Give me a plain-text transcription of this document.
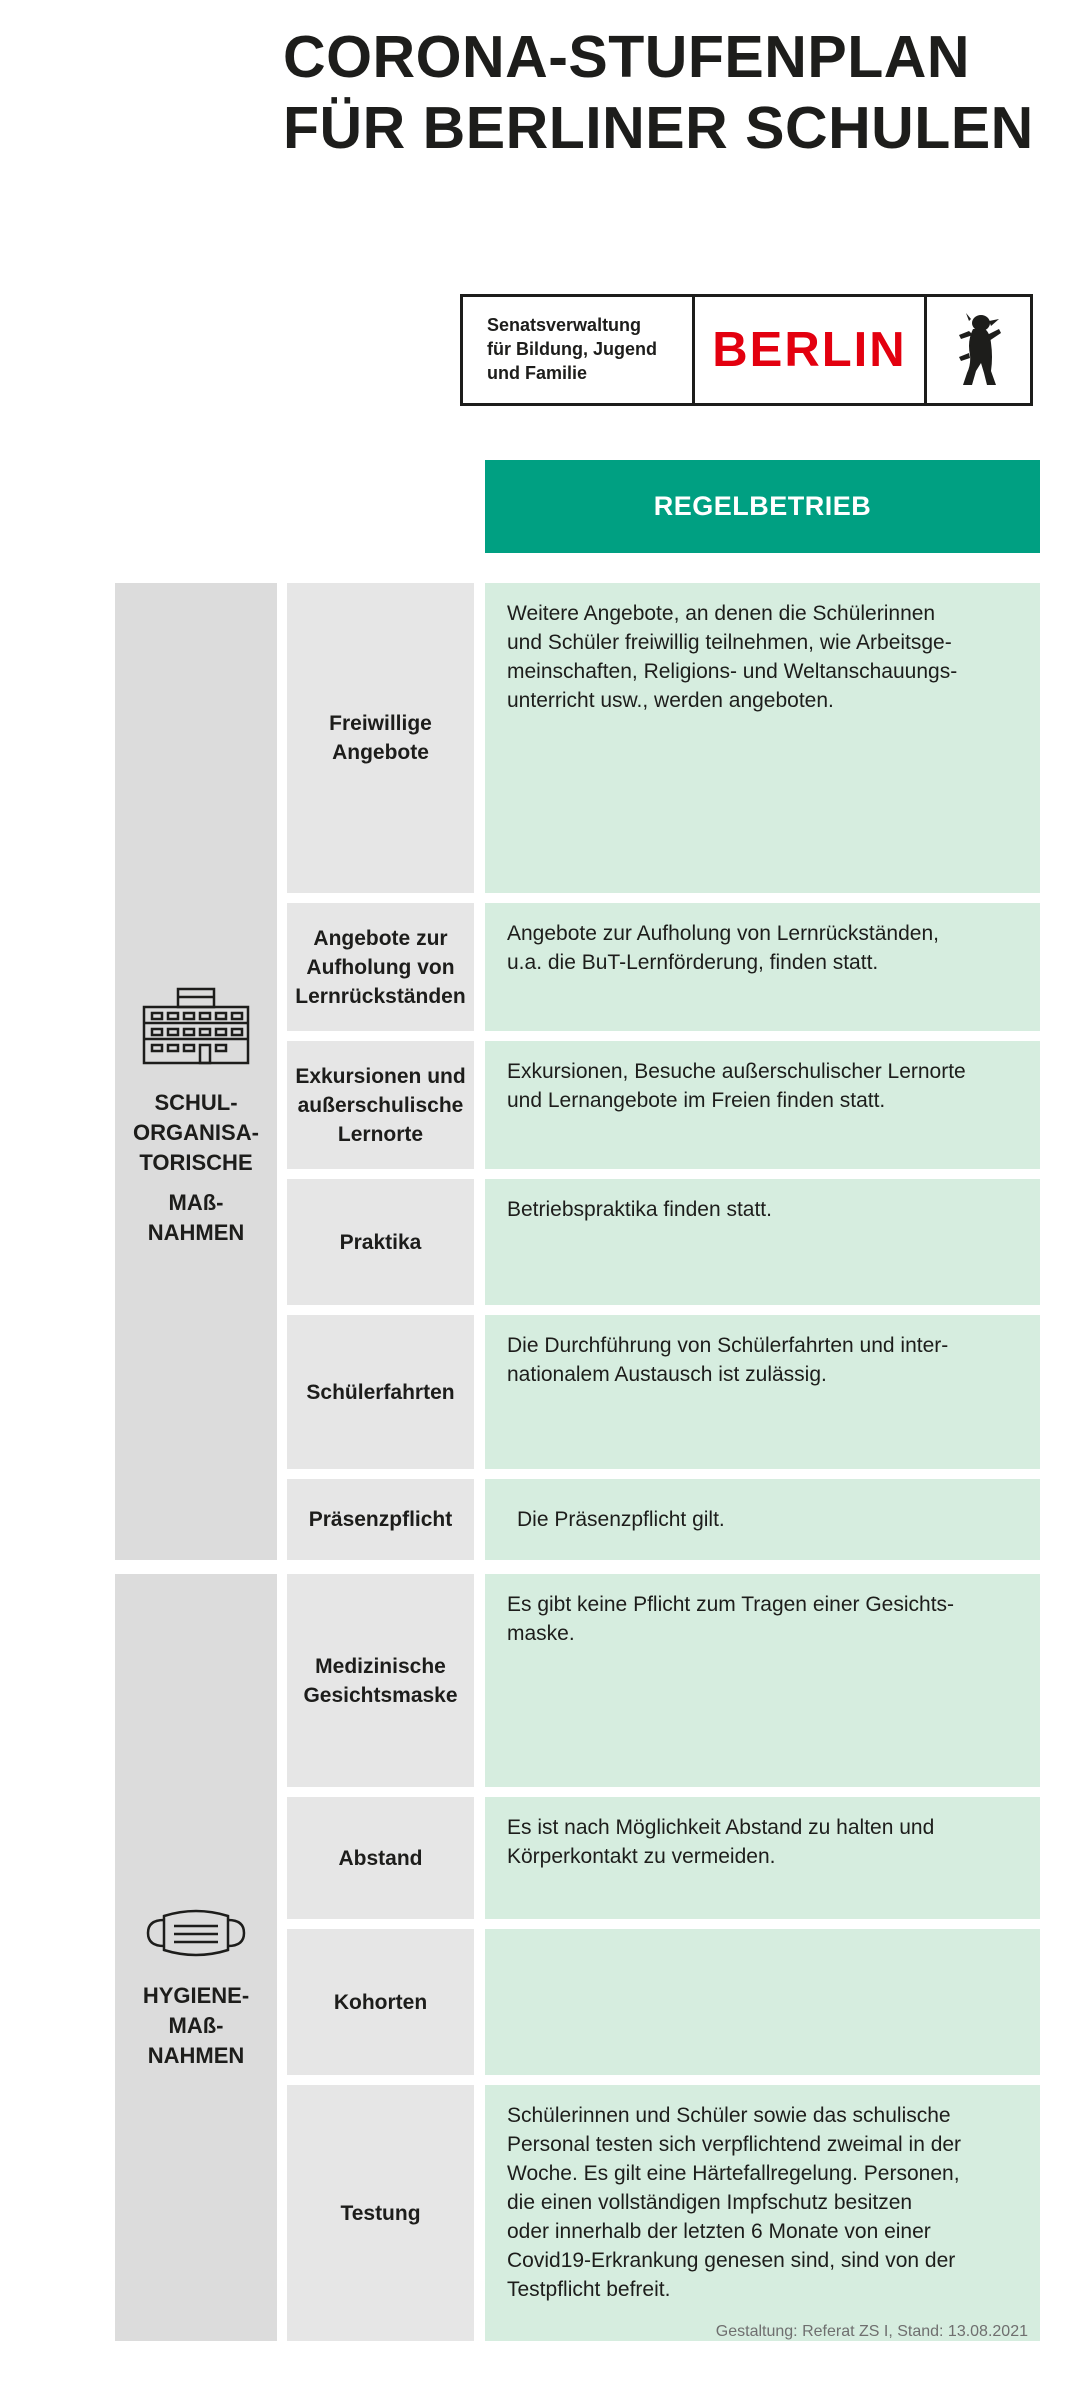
CORONA-STUFENPLAN
FÜR BERLINER SCHULEN
Senatsverwaltung
für Bildung, Jugend
und Familie	BERLIN
REGELBETRIEB
SCHUL-
ORGANISA-
TORISCHE
MAß-
NAHMEN
HYGIENE-
MAß-
NAHMEN
Freiwillige
Angebote
Weitere Angebote, an denen die Schülerinnen
und Schüler freiwillig teilnehmen, wie Arbeitsge-
meinschaften, Religions- und Weltanschauungs-
unterricht usw., werden angeboten.
Angebote zur
Aufholung von
Lernrückständen
Angebote zur Aufholung von Lernrückständen,
u.a. die BuT-Lernförderung, finden statt.
Exkursionen und
außerschulische
Lernorte
Exkursionen, Besuche außerschulischer Lernorte
und Lernangebote im Freien finden statt.
Praktika
Betriebspraktika finden statt.
Schülerfahrten
Die Durchführung von Schülerfahrten und inter-
nationalem Austausch ist zulässig.
Präsenzpflicht	Die Präsenzpflicht gilt.
Medizinische
Gesichtsmaske
Es gibt keine Pflicht zum Tragen einer Gesichts-
maske.
Abstand
Es ist nach Möglichkeit Abstand zu halten und
Körperkontakt zu vermeiden.
Kohorten
Testung
Schülerinnen und Schüler sowie das schulische
Personal testen sich verpflichtend zweimal in der
Woche. Es gilt eine Härtefallregelung. Personen,
die einen vollständigen Impfschutz besitzen
oder innerhalb der letzten 6 Monate von einer
Covid19-Erkrankung genesen sind, sind von der
Testpflicht befreit.
Gestaltung: Referat ZS I, Stand: 13.08.2021
